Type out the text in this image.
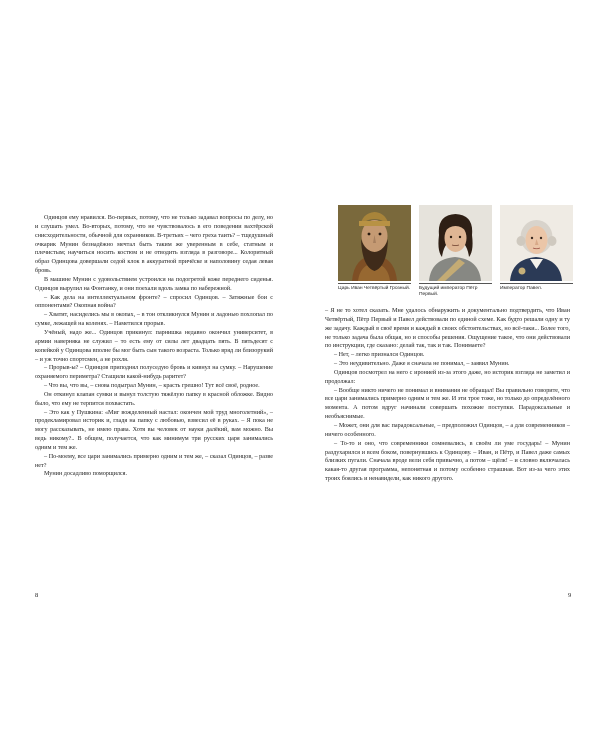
Одинцов ему нравился. Во-первых, потому, что не только задавал вопросы по делу, но и слушать умел. Во-вторых, потому, что не чувствовалось в его поведении вахтёрской снисходительности, обычной для охранников. В-третьих – чего греха таить? – тщедушный очкарик Мунин безнадёжно мечтал быть таким же уверенным в себе, статным и плечистым; научиться носить костюм и не отводить взгляда в разговоре... Колоритный образ Одинцова довершали седой клок в аккуратной причёске и наполовину седая левая бровь.

В машине Мунин с удовольствием устроился на подогретой коже переднего сиденья. Одинцов вырулил на Фонтанку, и они поехали вдоль замка по набережной.

– Как дела на интеллектуальном фронте? – спросил Одинцов. – Затяжные бои с оппонентами? Окопная война?

– Хватит, насиделись мы в окопах, – в тон откликнулся Мунин и ладонью похлопал по сумке, лежащей на коленях. – Наметился прорыв.

Учёный, надо же... Одинцов прикинул: парнишка недавно окончил университет, в армии наверняка не служил – то есть ему от силы лет двадцать пять. В пятьдесят с копейкой у Одинцова вполне бы мог быть сын такого возраста. Только вряд ли близорукий – и уж точно спортсмен, а не рохля.

– Прорыв-ы? – Одинцов приподнял полуседую бровь и кивнул на сумку. – Нарушение охраняемого периметра? Стащили какой-нибудь раритет?

– Что вы, что вы, – снова подыграл Мунин, – красть грешно! Тут всё своё, родное.

Он откинул клапан сумки и вынул толстую тяжёлую папку в красной обложке. Видно было, что ему не терпится похвастать.

– Это как у Пушкина: «Миг вожделенный настал: окончен мой труд многолетний», – продекламировал историк и, гладя на папку с любовью, взвесил её в руках. – Я пока не могу рассказывать, не имею права. Хотя вы человек от науки далёкий, вам можно. Вы ведь никому?.. В общем, получается, что как минимум три русских царя занимались одним и тем же.

– По-моему, все цари занимались примерно одним и тем же, – сказал Одинцов, – разве нет?

Мунин досадливо поморщился.

8
Царь Иван Четвёртый Грозный. Будущий император Пётр Первый.
Император Павел.

– Я не то хотел сказать. Мне удалось обнаружить и документально подтвердить, что Иван Четвёртый, Пётр Первый и Павел действовали по единой схеме. Как будто решали одну и ту же задачу. Каждый в своё время и каждый в своих обстоятельствах, но всё-таки... Более того, не только задача была общая, но и способы решения. Ощущение такое, что они действовали по инструкции, где сказано: делай так, так и так. Понимаете?

– Нет, – легко признался Одинцов.

– Это неудивительно. Даже я сначала не понимал, – заявил Мунин.

Одинцов посмотрел на него с иронией из-за этого даже, но историк взгляда не заметил и продолжал:

– Вообще никто ничего не понимал и внимания не обращал! Вы правильно говорите, что все цари занимались примерно одним и тем же. И эти трое тоже, но только до определённого момента. А потом вдруг начинали совершать похожие поступки. Парадоксальные и необъяснимые.

– Может, они для вас парадоксальные, – предположил Одинцов, – а для современников – ничего особенного.

– То-то и оно, что современники сомневались, в своём ли уме государь! – Мунин раздухарился и всем боком, повернувшись к Одинцову. – Иван, и Пётр, и Павел даже самых близких пугали. Сначала вроде вели себя привычно, а потом – щёлк! – и словно включалась какая-то другая программа, непонятная и потому особенно страшная. Вот из-за чего этих троих боялись и ненавидели, как никого другого.

9
